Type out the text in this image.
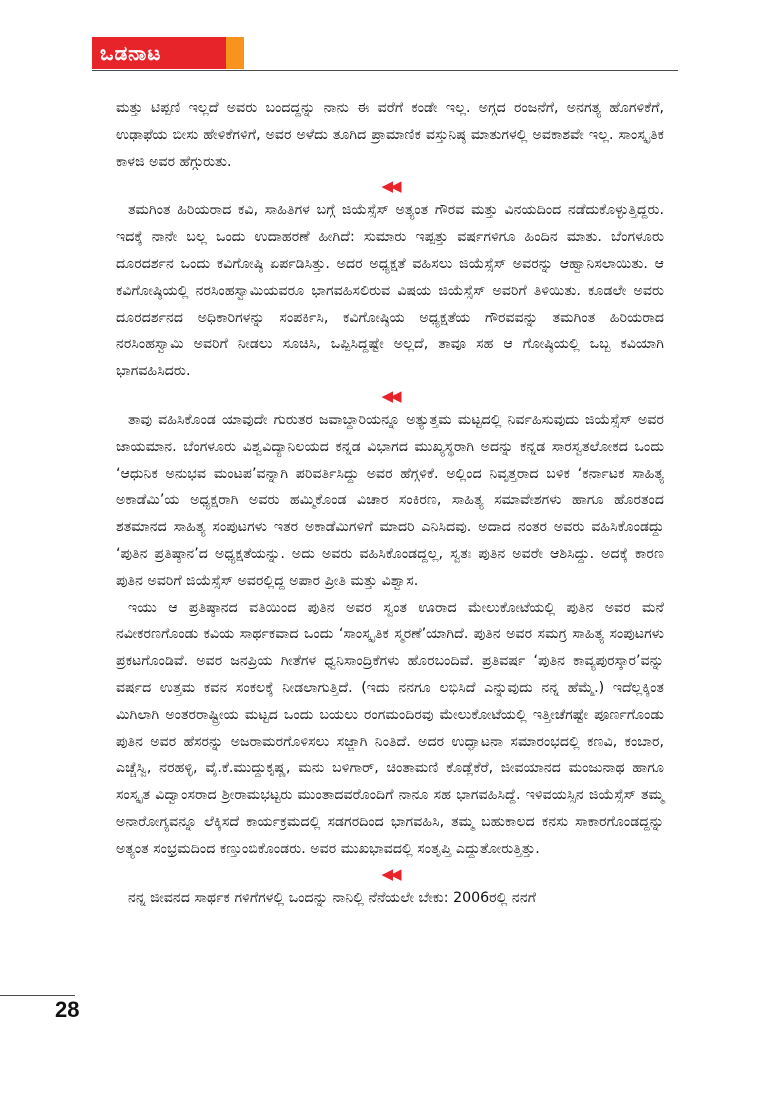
ಒಡನಾಟ

ಮತ್ತು ಟಿಪ್ಪಣಿ ಇಲ್ಲದೆ ಅವರು ಬಂದದ್ದನ್ನು ನಾನು ಈ ವರೆಗೆ ಕಂಡೇ ಇಲ್ಲ. ಅಗ್ಗದ ರಂಜನೆಗೆ, ಅನಗತ್ಯ ಹೊಗಳಿಕೆಗೆ, ಉಢಾಫೆಯ ಬೀಸು ಹೇಳಿಕೆಗಳಿಗೆ, ಅವರ ಅಳೆದು ತೂಗಿದ ಪ್ರಾಮಾಣಿಕ ವಸ್ತುನಿಷ್ಠ ಮಾತುಗಳಲ್ಲಿ ಅವಕಾಶವೇ ಇಲ್ಲ. ಸಾಂಸ್ಕೃತಿಕ ಕಾಳಜಿ ಅವರ ಹೆಗ್ಗುರುತು.

◀◀

ತಮಗಿಂತ ಹಿರಿಯರಾದ ಕವಿ, ಸಾಹಿತಿಗಳ ಬಗ್ಗೆ ಜಿಯೆಸ್ಸೆಸ್ ಅತ್ಯಂತ ಗೌರವ ಮತ್ತು ವಿನಯದಿಂದ ನಡೆದುಕೊಳ್ಳುತ್ತಿದ್ದರು. ಇದಕ್ಕೆ ನಾನೇ ಬಲ್ಲ ಒಂದು ಉದಾಹರಣೆ ಹೀಗಿದೆ: ಸುಮಾರು ಇಪ್ಪತ್ತು ವರ್ಷಗಳಿಗೂ ಹಿಂದಿನ ಮಾತು. ಬೆಂಗಳೂರು ದೂರದರ್ಶನ ಒಂದು ಕವಿಗೋಷ್ಠಿ ಏರ್ಪಡಿಸಿತ್ತು. ಅದರ ಅಧ್ಯಕ್ಷತೆ ವಹಿಸಲು ಜಿಯೆಸ್ಸೆಸ್ ಅವರನ್ನು ಆಹ್ವಾನಿಸಲಾಯಿತು. ಆ ಕವಿಗೋಷ್ಠಿಯಲ್ಲಿ ನರಸಿಂಹಸ್ವಾಮಿಯವರೂ ಭಾಗವಹಿಸಲಿರುವ ವಿಷಯ ಜಿಯೆಸ್ಸೆಸ್ ಅವರಿಗೆ ತಿಳಿಯಿತು. ಕೂಡಲೇ ಅವರು ದೂರದರ್ಶನದ ಅಧಿಕಾರಿಗಳನ್ನು ಸಂಪರ್ಕಿಸಿ, ಕವಿಗೋಷ್ಠಿಯ ಅಧ್ಯಕ್ಷತೆಯ ಗೌರವವನ್ನು ತಮಗಿಂತ ಹಿರಿಯರಾದ ನರಸಿಂಹಸ್ವಾಮಿ ಅವರಿಗೆ ನೀಡಲು ಸೂಚಿಸಿ, ಒಪ್ಪಿಸಿದ್ದಷ್ಟೇ ಅಲ್ಲದೆ, ತಾವೂ ಸಹ ಆ ಗೋಷ್ಠಿಯಲ್ಲಿ ಒಬ್ಬ ಕವಿಯಾಗಿ ಭಾಗವಹಿಸಿದರು.

◀◀

ತಾವು ವಹಿಸಿಕೊಂಡ ಯಾವುದೇ ಗುರುತರ ಜವಾಬ್ದಾರಿಯನ್ನೂ ಅತ್ಯುತ್ತಮ ಮಟ್ಟದಲ್ಲಿ ನಿರ್ವಹಿಸುವುದು ಜಿಯೆಸ್ಸೆಸ್ ಅವರ ಜಾಯಮಾನ. ಬೆಂಗಳೂರು ವಿಶ್ವವಿದ್ಯಾನಿಲಯದ ಕನ್ನಡ ವಿಭಾಗದ ಮುಖ್ಯಸ್ಥರಾಗಿ ಅದನ್ನು ಕನ್ನಡ ಸಾರಸ್ವತಲೋಕದ ಒಂದು ‘ಆಧುನಿಕ ಅನುಭವ ಮಂಟಪ’ವನ್ನಾಗಿ ಪರಿವರ್ತಿಸಿದ್ದು ಅವರ ಹೆಗ್ಗಳಿಕೆ. ಅಲ್ಲಿಂದ ನಿವೃತ್ತರಾದ ಬಳಿಕ ‘ಕರ್ನಾಟಕ ಸಾಹಿತ್ಯ ಅಕಾಡೆಮಿ’ಯ ಅಧ್ಯಕ್ಷರಾಗಿ ಅವರು ಹಮ್ಮಿಕೊಂಡ ವಿಚಾರ ಸಂಕಿರಣ, ಸಾಹಿತ್ಯ ಸಮಾವೇಶಗಳು ಹಾಗೂ ಹೊರತಂದ ಶತಮಾನದ ಸಾಹಿತ್ಯ ಸಂಪುಟಗಳು ಇತರ ಅಕಾಡೆಮಿಗಳಿಗೆ ಮಾದರಿ ಎನಿಸಿದವು. ಅದಾದ ನಂತರ ಅವರು ವಹಿಸಿಕೊಂಡದ್ದು ‘ಪುತಿನ ಪ್ರತಿಷ್ಠಾನ’ದ ಅಧ್ಯಕ್ಷತೆಯನ್ನು. ಅದು ಅವರು ವಹಿಸಿಕೊಂಡದ್ದಲ್ಲ, ಸ್ವತಃ ಪುತಿನ ಅವರೇ ಆಶಿಸಿದ್ದು. ಅದಕ್ಕೆ ಕಾರಣ ಪುತಿನ ಅವರಿಗೆ ಜಿಯೆಸ್ಸೆಸ್ ಅವರಲ್ಲಿದ್ದ ಅಪಾರ ಪ್ರೀತಿ ಮತ್ತು ವಿಶ್ವಾಸ.

ಇಯು ಆ ಪ್ರತಿಷ್ಠಾನದ ವತಿಯಿಂದ ಪುತಿನ ಅವರ ಸ್ವಂತ ಊರಾದ ಮೇಲುಕೋಟೆಯಲ್ಲಿ ಪುತಿನ ಅವರ ಮನೆ ನವೀಕರಣಗೊಂಡು ಕವಿಯ ಸಾರ್ಥಕವಾದ ಒಂದು ‘ಸಾಂಸ್ಕೃತಿಕ ಸ್ಮರಣೆ’ಯಾಗಿದೆ. ಪುತಿನ ಅವರ ಸಮಗ್ರ ಸಾಹಿತ್ಯ ಸಂಪುಟಗಳು ಪ್ರಕಟಗೊಂಡಿವೆ. ಅವರ ಜನಪ್ರಿಯ ಗೀತೆಗಳ ಧ್ವನಿಸಾಂದ್ರಿಕೆಗಳು ಹೊರಬಂದಿವೆ. ಪ್ರತಿವರ್ಷ ‘ಪುತಿನ ಕಾವ್ಯಪುರಸ್ಕಾರ’ವನ್ನು ವರ್ಷದ ಉತ್ತಮ ಕವನ ಸಂಕಲಕ್ಕೆ ನೀಡಲಾಗುತ್ತಿದೆ. (ಇದು ನನಗೂ ಲಭಿಸಿದೆ ಎನ್ನುವುದು ನನ್ನ ಹೆಮ್ಮೆ.) ಇದೆಲ್ಲಕ್ಕಿಂತ ಮಿಗಿಲಾಗಿ ಅಂತರರಾಷ್ಟ್ರೀಯ ಮಟ್ಟದ ಒಂದು ಬಯಲು ರಂಗಮಂದಿರವು ಮೇಲುಕೋಟೆಯಲ್ಲಿ ಇತ್ತೀಚೆಗಷ್ಟೇ ಪೂರ್ಣಗೊಂಡು ಪುತಿನ ಅವರ ಹೆಸರನ್ನು ಅಜರಾಮರಗೊಳಿಸಲು ಸಜ್ಜಾಗಿ ನಿಂತಿದೆ. ಅದರ ಉದ್ಘಾಟನಾ ಸಮಾರಂಭದಲ್ಲಿ ಕಣವಿ, ಕಂಬಾರ, ಎಚ್ಚೆಸ್ವಿ, ನರಹಳ್ಳಿ, ವೈ.ಕೆ.ಮುದ್ದುಕೃಷ್ಣ, ಮನು ಬಳಿಗಾರ್, ಚಿಂತಾಮಣಿ ಕೊಡ್ಲೆಕೆರೆ, ಜೀವಯಾನದ ಮಂಜುನಾಥ ಹಾಗೂ ಸಂಸ್ಕೃತ ವಿದ್ವಾಂಸರಾದ ಶ್ರೀರಾಮಭಟ್ಟರು ಮುಂತಾದವರೊಂದಿಗೆ ನಾನೂ ಸಹ ಭಾಗವಹಿಸಿದ್ದೆ. ಇಳಿವಯಸ್ಸಿನ ಜಿಯೆಸ್ಸೆಸ್ ತಮ್ಮ ಅನಾರೋಗ್ಯವನ್ನೂ ಲೆಕ್ಕಿಸದೆ ಕಾರ್ಯಕ್ರಮದಲ್ಲಿ ಸಡಗರದಿಂದ ಭಾಗವಹಿಸಿ, ತಮ್ಮ ಬಹುಕಾಲದ ಕನಸು ಸಾಕಾರಗೊಂಡದ್ದನ್ನು ಅತ್ಯಂತ ಸಂಭ್ರಮದಿಂದ ಕಣ್ತುಂಬಿಕೊಂಡರು. ಅವರ ಮುಖಭಾವದಲ್ಲಿ ಸಂತೃಪ್ತಿ ಎದ್ದುತೋರುತ್ತಿತ್ತು.

◀◀

ನನ್ನ ಜೀವನದ ಸಾರ್ಥಕ ಗಳಿಗೆಗಳಲ್ಲಿ ಒಂದನ್ನು ನಾನಿಲ್ಲಿ ನೆನೆಯಲೇ ಬೇಕು: 2006ರಲ್ಲಿ ನನಗೆ

28
